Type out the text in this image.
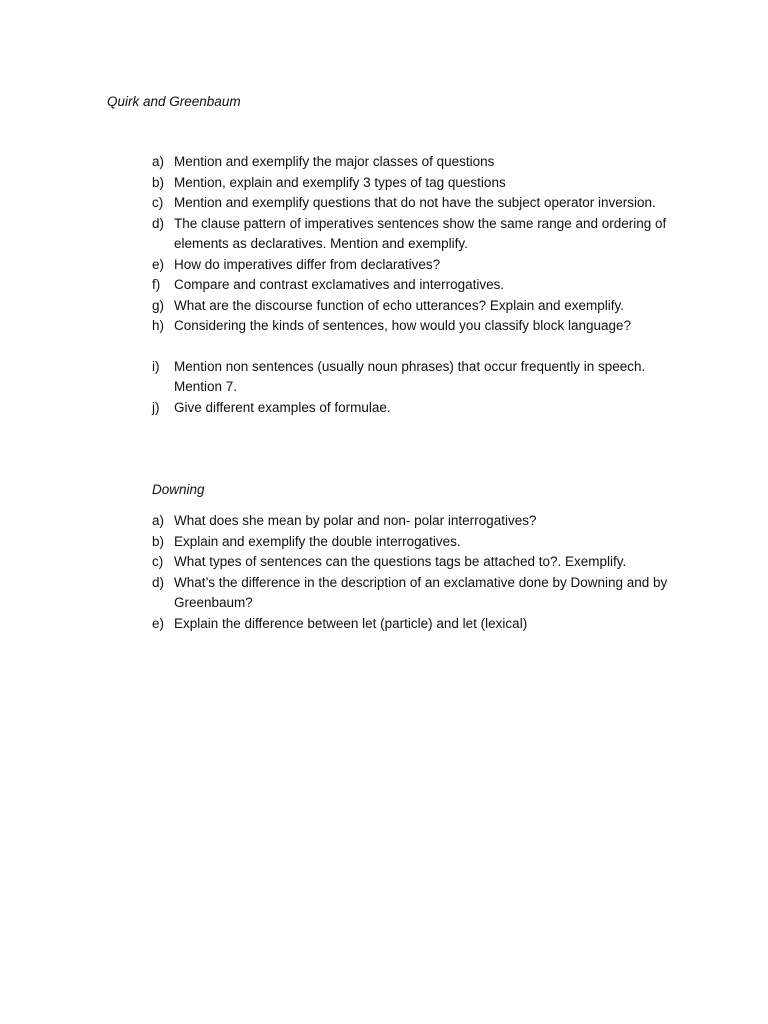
Quirk and Greenbaum

a) Mention and exemplify the major classes of questions
b) Mention, explain and exemplify 3 types of tag questions
c) Mention and exemplify questions that do not have the subject operator inversion.
d) The clause pattern of imperatives sentences show the same range and ordering of elements as declaratives. Mention and exemplify.
e) How do imperatives differ from declaratives?
f)	Compare and contrast exclamatives and interrogatives.
g) What are the discourse function of echo utterances? Explain and exemplify.
h) Considering the kinds of sentences, how would you classify block language?
i)	Mention non sentences (usually noun phrases) that occur frequently in speech. Mention 7.
j)	Give different examples of formulae.

Downing

a) What does she mean by polar and non- polar interrogatives?
b) Explain and exemplify the double interrogatives.
c) What types of sentences can the questions tags be attached to?. Exemplify.
d) What’s the difference in the description of an exclamative done by Downing and by Greenbaum?
e) Explain the difference between let (particle) and let (lexical)
